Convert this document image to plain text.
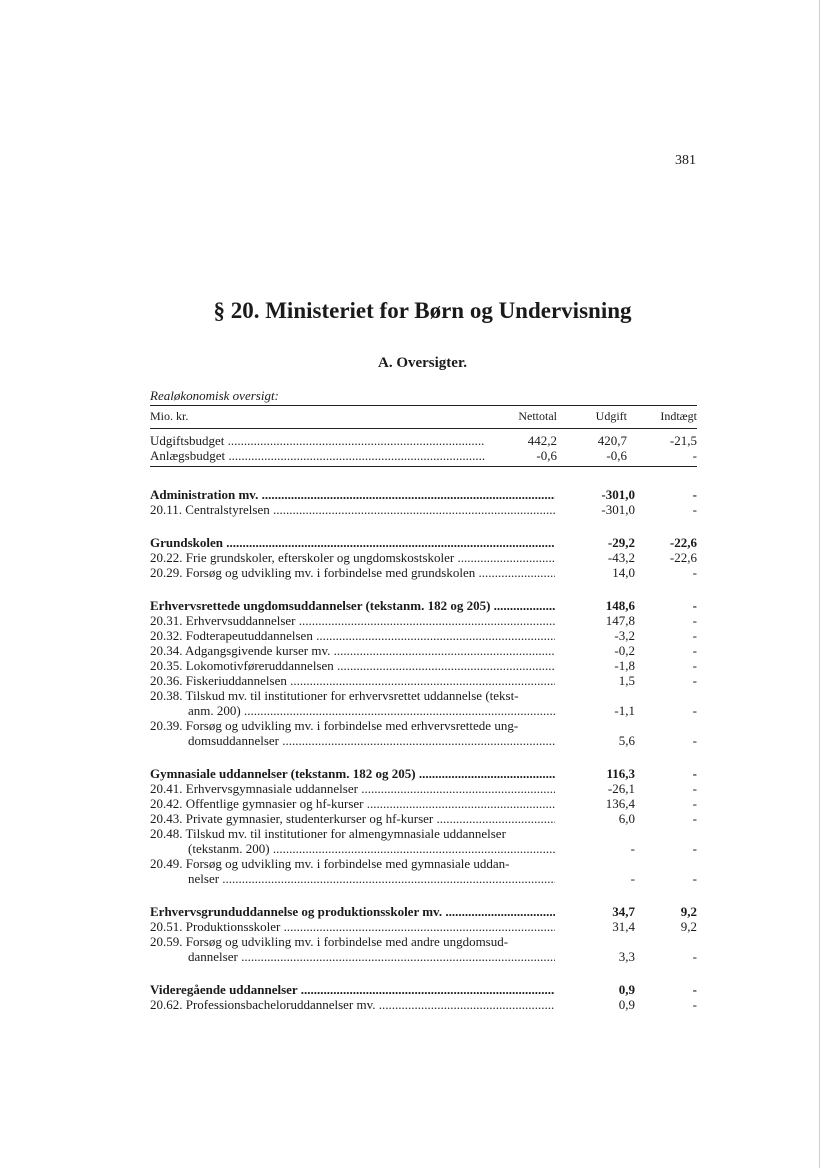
381
§ 20. Ministeriet for Børn og Undervisning
A. Oversigter.
Realøkonomisk oversigt:
Mio. kr.	Nettotal	Udgift	Indtægt
Udgiftsbudget .....	442,2	420,7	-21,5
Anlægsbudget .....	-0,6	-0,6	-
Administration mv. .....	-301,0	-
20.11. Centralstyrelsen .....	-301,0	-
Grundskolen .....	-29,2	-22,6
20.22. Frie grundskoler, efterskoler og ungdomskostskoler .....	-43,2	-22,6
20.29. Forsøg og udvikling mv. i forbindelse med grundskolen .....	14,0	-
Erhvervsrettede ungdomsuddannelser (tekstanm. 182 og 205) .....	148,6	-
20.31. Erhvervsuddannelser .....	147,8	-
20.32. Fodterapeutuddannelsen .....	-3,2	-
20.34. Adgangsgivende kurser mv. .....	-0,2	-
20.35. Lokomotivføreruddannelsen .....	-1,8	-
20.36. Fiskeriuddannelsen .....	1,5	-
20.38. Tilskud mv. til institutioner for erhvervsrettet uddannelse (tekst-
anm. 200) .....	-1,1	-
20.39. Forsøg og udvikling mv. i forbindelse med erhvervsrettede ung-
domsuddannelser .....	5,6	-
Gymnasiale uddannelser (tekstanm. 182 og 205) .....	116,3	-
20.41. Erhvervsgymnasiale uddannelser .....	-26,1	-
20.42. Offentlige gymnasier og hf-kurser .....	136,4	-
20.43. Private gymnasier, studenterkurser og hf-kurser .....	6,0	-
20.48. Tilskud mv. til institutioner for almengymnasiale uddannelser
(tekstanm. 200) .....	-	-
20.49. Forsøg og udvikling mv. i forbindelse med gymnasiale uddan-
nelser .....	-	-
Erhvervsgrunduddannelse og produktionsskoler mv. .....	34,7	9,2
20.51. Produktionsskoler .....	31,4	9,2
20.59. Forsøg og udvikling mv. i forbindelse med andre ungdomsud-
dannelser .....	3,3	-
Videregående uddannelser .....	0,9	-
20.62. Professionsbacheloruddannelser mv. .....	0,9	-
